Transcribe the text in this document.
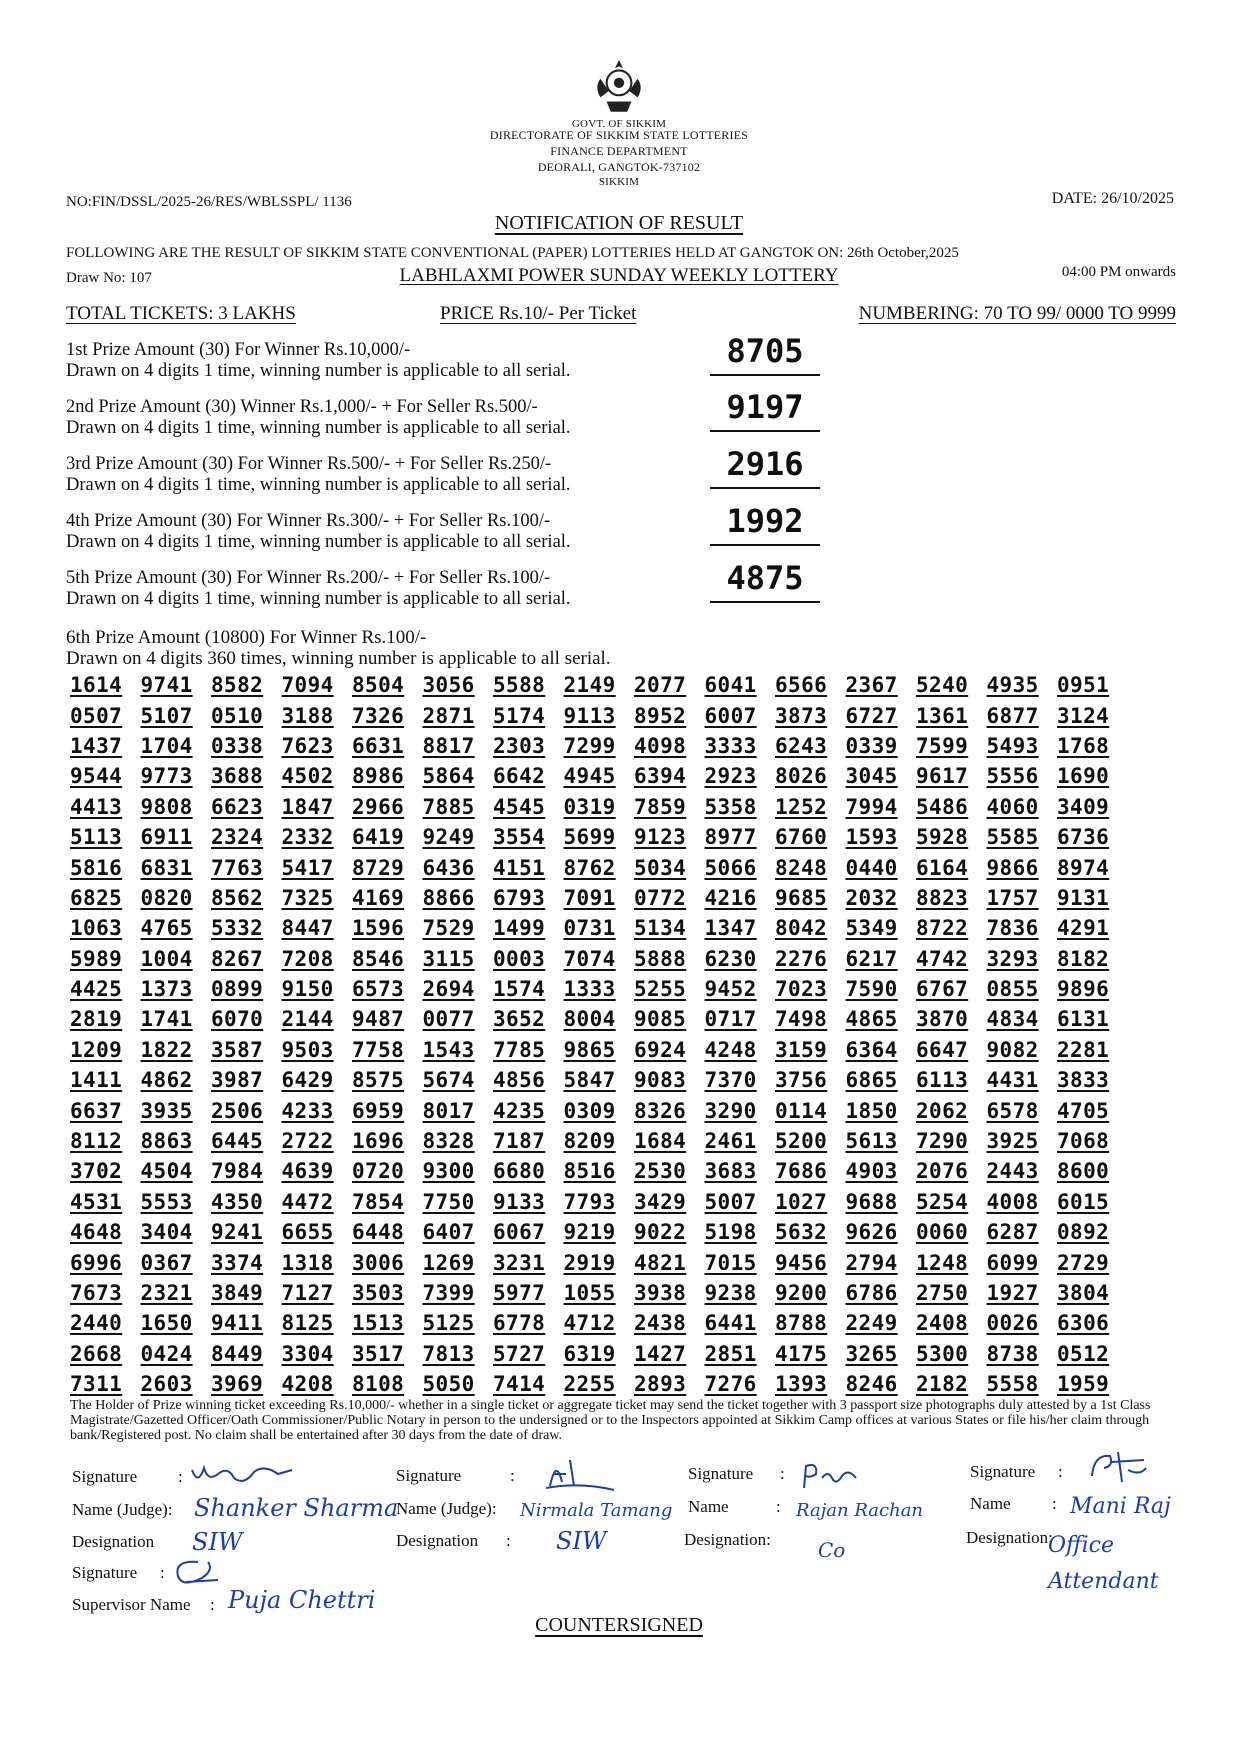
GOVT. OF SIKKIM
DIRECTORATE OF SIKKIM STATE LOTTERIES
FINANCE DEPARTMENT
DEORALI, GANGTOK-737102
SIKKIM
NO:FIN/DSSL/2025-26/RES/WBLSSPL/ 1136	DATE: 26/10/2025
NOTIFICATION OF RESULT
FOLLOWING ARE THE RESULT OF SIKKIM STATE CONVENTIONAL (PAPER) LOTTERIES HELD AT GANGTOK ON: 26th October,2025
Draw No: 107	LABHLAXMI POWER SUNDAY WEEKLY LOTTERY	04:00 PM onwards
TOTAL TICKETS: 3 LAKHS	PRICE Rs.10/- Per Ticket	NUMBERING: 70 TO 99/ 0000 TO 9999
1st Prize Amount (30) For Winner Rs.10,000/-
Drawn on 4 digits 1 time, winning number is applicable to all serial.
8705
2nd Prize Amount (30) Winner Rs.1,000/- + For Seller Rs.500/-
Drawn on 4 digits 1 time, winning number is applicable to all serial.
9197
3rd Prize Amount (30) For Winner Rs.500/- + For Seller Rs.250/-
Drawn on 4 digits 1 time, winning number is applicable to all serial.
2916
4th Prize Amount (30) For Winner Rs.300/- + For Seller Rs.100/-
Drawn on 4 digits 1 time, winning number is applicable to all serial.
1992
5th Prize Amount (30) For Winner Rs.200/- + For Seller Rs.100/-
Drawn on 4 digits 1 time, winning number is applicable to all serial.
4875
6th Prize Amount (10800) For Winner Rs.100/-
Drawn on 4 digits 360 times, winning number is applicable to all serial.
1614 9741 8582 7094 8504 3056 5588 2149 2077 6041 6566 2367 5240 4935 0951
0507 5107 0510 3188 7326 2871 5174 9113 8952 6007 3873 6727 1361 6877 3124
1437 1704 0338 7623 6631 8817 2303 7299 4098 3333 6243 0339 7599 5493 1768
9544 9773 3688 4502 8986 5864 6642 4945 6394 2923 8026 3045 9617 5556 1690
4413 9808 6623 1847 2966 7885 4545 0319 7859 5358 1252 7994 5486 4060 3409
5113 6911 2324 2332 6419 9249 3554 5699 9123 8977 6760 1593 5928 5585 6736
5816 6831 7763 5417 8729 6436 4151 8762 5034 5066 8248 0440 6164 9866 8974
6825 0820 8562 7325 4169 8866 6793 7091 0772 4216 9685 2032 8823 1757 9131
1063 4765 5332 8447 1596 7529 1499 0731 5134 1347 8042 5349 8722 7836 4291
5989 1004 8267 7208 8546 3115 0003 7074 5888 6230 2276 6217 4742 3293 8182
4425 1373 0899 9150 6573 2694 1574 1333 5255 9452 7023 7590 6767 0855 9896
2819 1741 6070 2144 9487 0077 3652 8004 9085 0717 7498 4865 3870 4834 6131
1209 1822 3587 9503 7758 1543 7785 9865 6924 4248 3159 6364 6647 9082 2281
1411 4862 3987 6429 8575 5674 4856 5847 9083 7370 3756 6865 6113 4431 3833
6637 3935 2506 4233 6959 8017 4235 0309 8326 3290 0114 1850 2062 6578 4705
8112 8863 6445 2722 1696 8328 7187 8209 1684 2461 5200 5613 7290 3925 7068
3702 4504 7984 4639 0720 9300 6680 8516 2530 3683 7686 4903 2076 2443 8600
4531 5553 4350 4472 7854 7750 9133 7793 3429 5007 1027 9688 5254 4008 6015
4648 3404 9241 6655 6448 6407 6067 9219 9022 5198 5632 9626 0060 6287 0892
6996 0367 3374 1318 3006 1269 3231 2919 4821 7015 9456 2794 1248 6099 2729
7673 2321 3849 7127 3503 7399 5977 1055 3938 9238 9200 6786 2750 1927 3804
2440 1650 9411 8125 1513 5125 6778 4712 2438 6441 8788 2249 2408 0026 6306
2668 0424 8449 3304 3517 7813 5727 6319 1427 2851 4175 3265 5300 8738 0512
7311 2603 3969 4208 8108 5050 7414 2255 2893 7276 1393 8246 2182 5558 1959
The Holder of Prize winning ticket exceeding Rs.10,000/- whether in a single ticket or aggregate ticket may send the ticket together with 3 passport size photographs duly attested by a 1st Class Magistrate/Gazetted Officer/Oath Commissioner/Public Notary in person to the undersigned or to the Inspectors appointed at Sikkim Camp offices at various States or file his/her claim through bank/Registered post. No claim shall be entertained after 30 days from the date of draw.
Signature :
Name (Judge): Shanker Sharma
Designation SIW
Signature :
Supervisor Name : Puja Chettri
Signature	:
Name (Judge): Nirmala Tamang
Designation : SIW
Signature :
Name	: Rajan Rachan
Designation: Co
Signature :
Name : Mani Raj
Designation:
Office Attendant
COUNTERSIGNED
